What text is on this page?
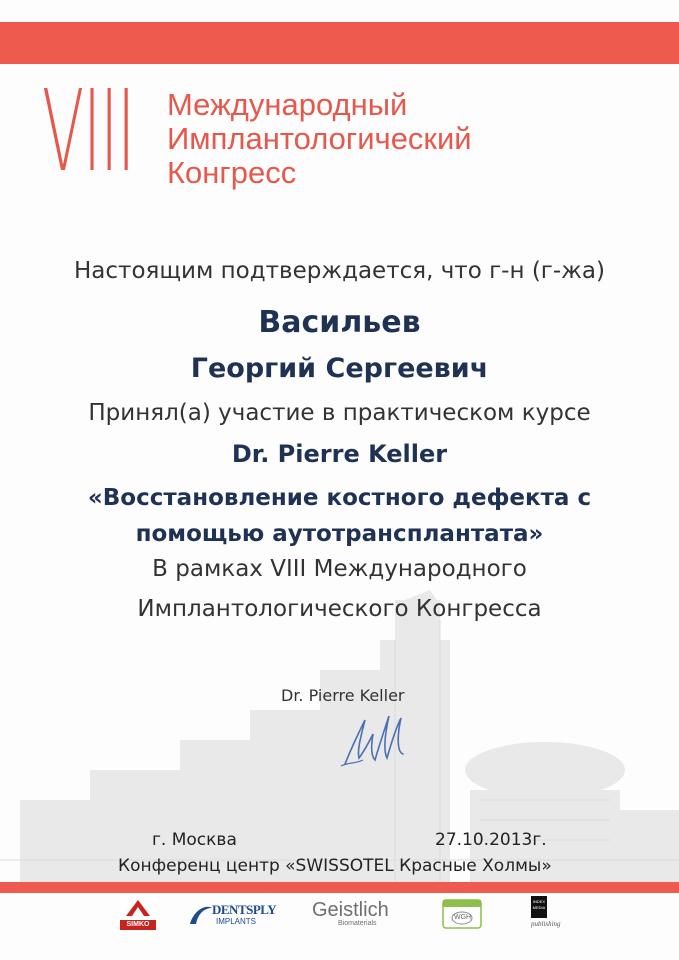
VIII Международный
Имплантологический
Конгресс
Настоящим подтверждается, что г-н (г-жа)
Васильев
Георгий Сергеевич
Принял(а) участие в практическом курсе
Dr. Pierre Keller
«Восстановление костного дефекта с
помощью аутотрансплантата»
В рамках VIII Международного
Имплантологического Конгресса
Dr. Pierre Keller
г. Москва	27.10.2013г.
Конференц центр «SWISSOTEL Красные Холмы»
SIMKO
DENTSPLY
IMPLANTS
Geistlich
Biomaterials
WGH
INDEX MEDIA
publishing
